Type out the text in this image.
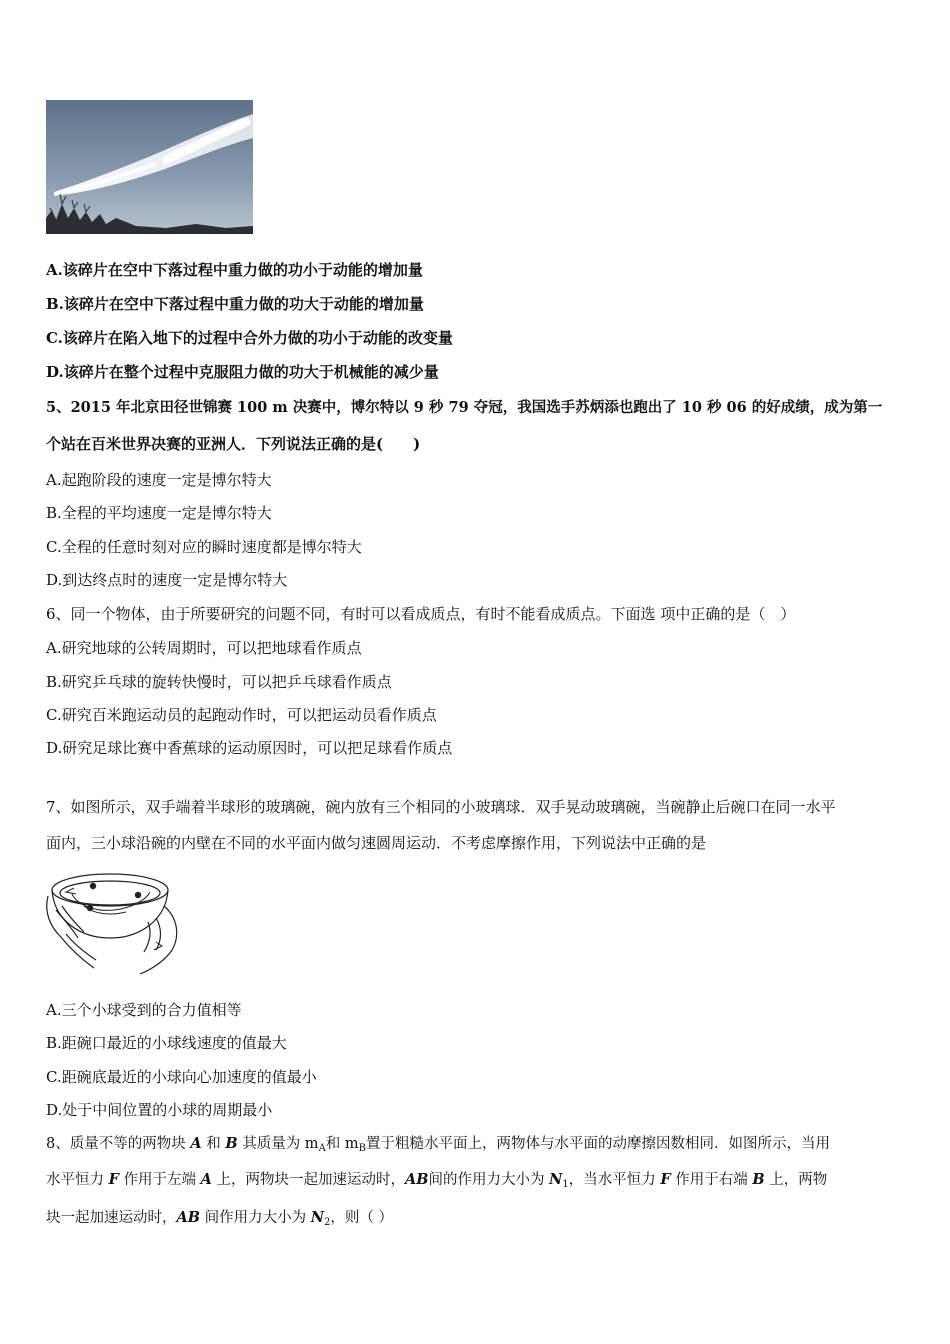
A.该碎片在空中下落过程中重力做的功小于动能的增加量
B.该碎片在空中下落过程中重力做的功大于动能的增加量
C.该碎片在陷入地下的过程中合外力做的功小于动能的改变量
D.该碎片在整个过程中克服阻力做的功大于机械能的减少量
5、2015 年北京田径世锦赛 100 m 决赛中，博尔特以 9 秒 79 夺冠，我国选手苏炳添也跑出了 10 秒 06 的好成绩，成为第一
个站在百米世界决赛的亚洲人．下列说法正确的是(　　)
A.起跑阶段的速度一定是博尔特大
B.全程的平均速度一定是博尔特大
C.全程的任意时刻对应的瞬时速度都是博尔特大
D.到达终点时的速度一定是博尔特大
6、同一个物体，由于所要研究的问题不同，有时可以看成质点，有时不能看成质点。下面选 项中正确的是（　）
A.研究地球的公转周期时，可以把地球看作质点
B.研究乒乓球的旋转快慢时，可以把乒乓球看作质点
C.研究百米跑运动员的起跑动作时，可以把运动员看作质点
D.研究足球比赛中香蕉球的运动原因时，可以把足球看作质点
7、如图所示，双手端着半球形的玻璃碗，碗内放有三个相同的小玻璃球．双手晃动玻璃碗，当碗静止后碗口在同一水平
面内，三小球沿碗的内壁在不同的水平面内做匀速圆周运动．不考虑摩擦作用，下列说法中正确的是
A.三个小球受到的合力值相等
B.距碗口最近的小球线速度的值最大
C.距碗底最近的小球向心加速度的值最小
D.处于中间位置的小球的周期最小
8、质量不等的两物块 A 和 B 其质量为 $m_A$和 $m_B$置于粗糙水平面上，两物体与水平面的动摩擦因数相同．如图所示，当用
水平恒力 F 作用于左端 A 上，两物块一起加速运动时，AB间的作用力大小为 $N_1$，当水平恒力 F 作用于右端 B 上，两物
块一起加速运动时，AB 间作用力大小为 $N_2$，则（ ）
